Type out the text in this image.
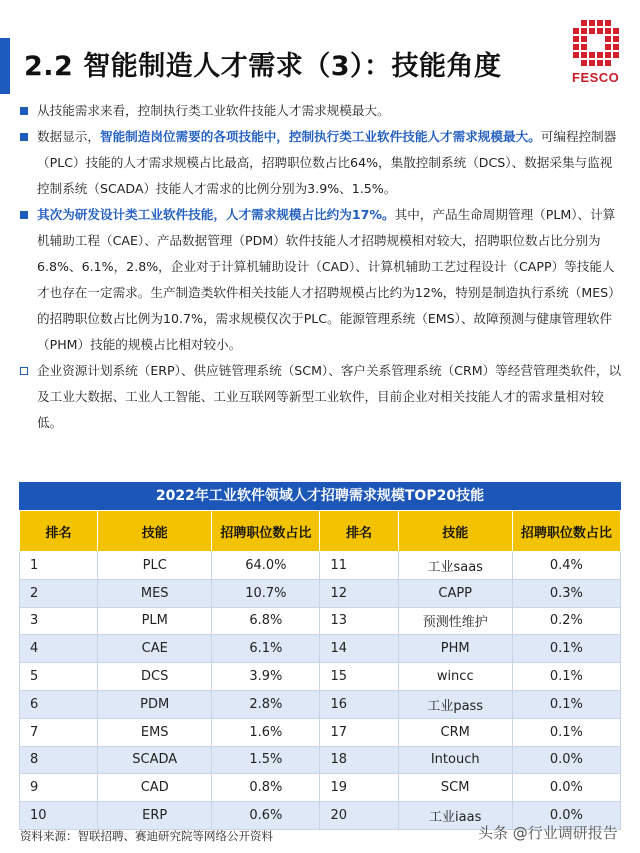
2.2 智能制造人才需求（3）：技能角度	FESCO
从技能需求来看，控制执行类工业软件技能人才需求规模最大。
数据显示，智能制造岗位需要的各项技能中，控制执行类工业软件技能人才需求规模最大。可编程控制器（PLC）技能的人才需求规模占比最高，招聘职位数占比64%，集散控制系统（DCS）、数据采集与监视控制系统（SCADA）技能人才需求的比例分别为3.9%、1.5%。
其次为研发设计类工业软件技能，人才需求规模占比约为17%。其中，产品生命周期管理（PLM）、计算机辅助工程（CAE）、产品数据管理（PDM）软件技能人才招聘规模相对较大，招聘职位数占比分别为6.8%、6.1%，2.8%，企业对于计算机辅助设计（CAD）、计算机辅助工艺过程设计（CAPP）等技能人才也存在一定需求。生产制造类软件相关技能人才招聘规模占比约为12%，特别是制造执行系统（MES）的招聘职位数占比例为10.7%，需求规模仅次于PLC。能源管理系统（EMS）、故障预测与健康管理软件（PHM）技能的规模占比相对较小。
企业资源计划系统（ERP）、供应链管理系统（SCM）、客户关系管理系统（CRM）等经营管理类软件，以及工业大数据、工业人工智能、工业互联网等新型工业软件，目前企业对相关技能人才的需求量相对较低。
2022年工业软件领域人才招聘需求规模TOP20技能
排名	技能	招聘职位数占比	排名	技能	招聘职位数占比
1	PLC	64.0%	11	工业saas	0.4%
2	MES	10.7%	12	CAPP	0.3%
3	PLM	6.8%	13	预测性维护	0.2%
4	CAE	6.1%	14	PHM	0.1%
5	DCS	3.9%	15	wincc	0.1%
6	PDM	2.8%	16	工业pass	0.1%
7	EMS	1.6%	17	CRM	0.1%
8	SCADA	1.5%	18	Intouch	0.0%
9	CAD	0.8%	19	SCM	0.0%
10	ERP	0.6%	20	工业iaas	0.0%
资料来源：智联招聘、赛迪研究院等网络公开资料	头条 @行业调研报告
